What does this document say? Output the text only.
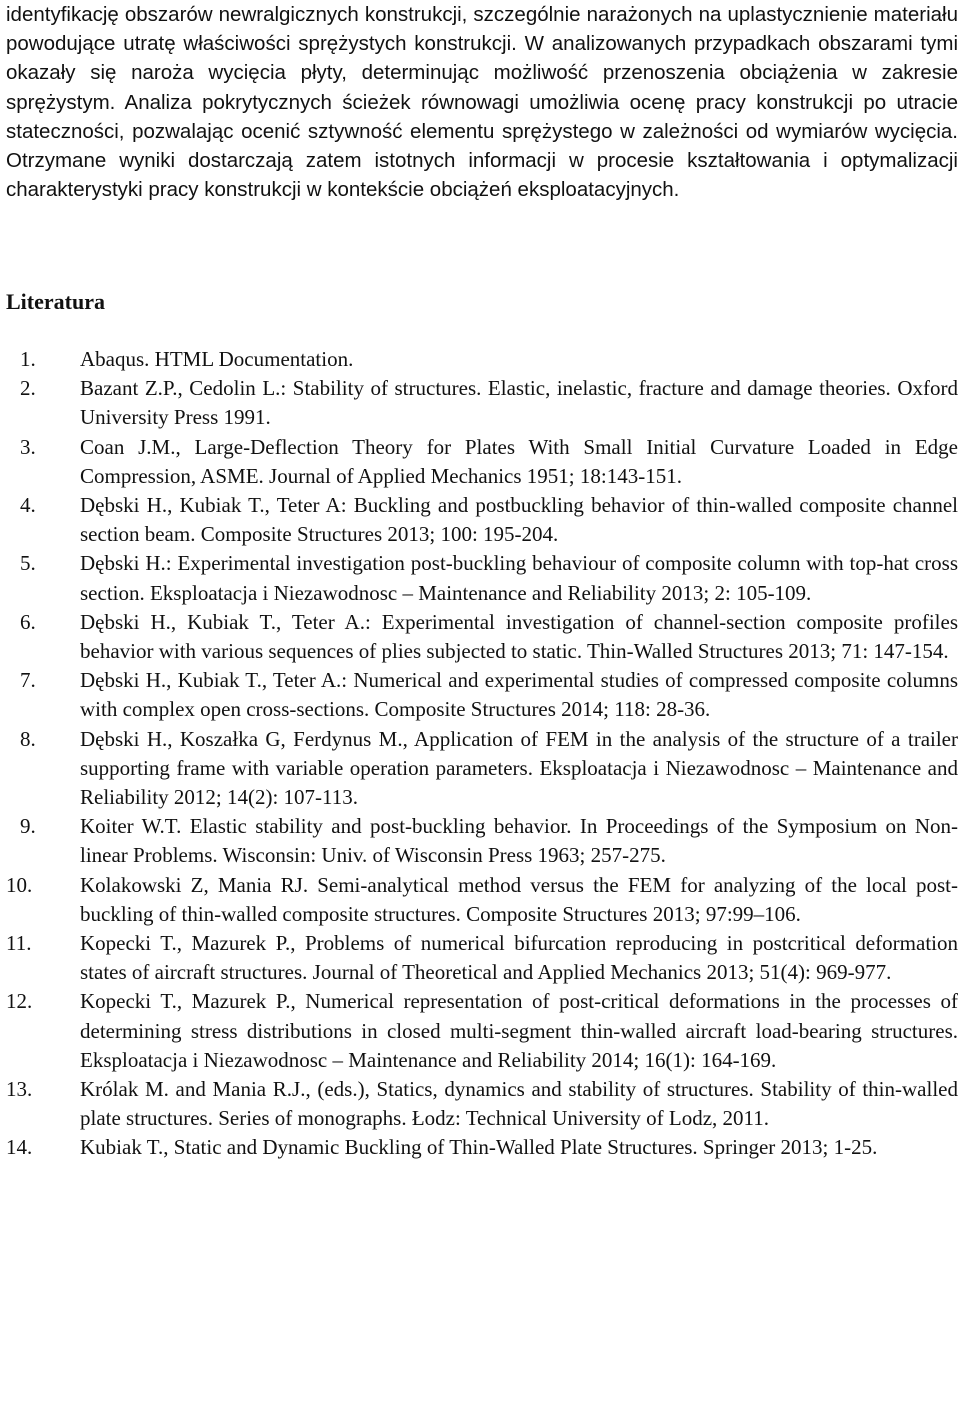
identyfikację obszarów newralgicznych konstrukcji, szczególnie narażonych na uplastycznienie materiału powodujące utratę właściwości sprężystych konstrukcji. W analizowanych przypadkach obszarami tymi okazały się naroża wycięcia płyty, determinując możliwość przenoszenia obciążenia w zakresie sprężystym. Analiza pokrytycznych ścieżek równowagi umożliwia ocenę pracy konstrukcji po utracie stateczności, pozwalając ocenić sztywność elementu sprężystego w zależności od wymiarów wycięcia. Otrzymane wyniki dostarczają zatem istotnych informacji w procesie kształtowania i optymalizacji charakterystyki pracy konstrukcji w kontekście obciążeń eksploatacyjnych.

Literatura
1.	Abaqus. HTML Documentation.
2.	Bazant Z.P., Cedolin L.: Stability of structures. Elastic, inelastic, fracture and damage theories. Oxford University Press 1991.
3.	Coan J.M., Large-Deflection Theory for Plates With Small Initial Curvature Loaded in Edge Compression, ASME. Journal of Applied Mechanics 1951; 18:143-151.
4.	Dębski H., Kubiak T., Teter A: Buckling and postbuckling behavior of thin-walled composite channel section beam. Composite Structures 2013; 100: 195-204.
5.	Dębski H.: Experimental investigation post-buckling behaviour of composite column with top-hat cross section. Eksploatacja i Niezawodnosc – Maintenance and Reliability 2013; 2: 105-109.
6.	Dębski H., Kubiak T., Teter A.: Experimental investigation of channel-section composite profiles behavior with various sequences of plies subjected to static. Thin-Walled Structures 2013; 71: 147-154.
7.	Dębski H., Kubiak T., Teter A.: Numerical and experimental studies of compressed composite columns with complex open cross-sections. Composite Structures 2014; 118: 28-36.
8.	Dębski H., Koszałka G, Ferdynus M., Application of FEM in the analysis of the structure of a trailer supporting frame with variable operation parameters. Eksploatacja i Niezawodnosc – Maintenance and Reliability 2012; 14(2): 107-113.
9.	Koiter W.T. Elastic stability and post-buckling behavior. In Proceedings of the Symposium on Non-linear Problems. Wisconsin: Univ. of Wisconsin Press 1963; 257-275.
10.	Kolakowski Z, Mania RJ. Semi-analytical method versus the FEM for analyzing of the local post-buckling of thin-walled composite structures. Composite Structures 2013; 97:99–106.
11.	Kopecki T., Mazurek P., Problems of numerical bifurcation reproducing in postcritical deformation states of aircraft structures. Journal of Theoretical and Applied Mechanics 2013; 51(4): 969-977.
12.	Kopecki T., Mazurek P., Numerical representation of post-critical deformations in the processes of determining stress distributions in closed multi-segment thin-walled aircraft load-bearing structures. Eksploatacja i Niezawodnosc – Maintenance and Reliability 2014; 16(1): 164-169.
13.	Królak M. and Mania R.J., (eds.), Statics, dynamics and stability of structures. Stability of thin-walled plate structures. Series of monographs. Łodz: Technical University of Lodz, 2011.
14.	Kubiak T., Static and Dynamic Buckling of Thin-Walled Plate Structures. Springer 2013; 1-25.
